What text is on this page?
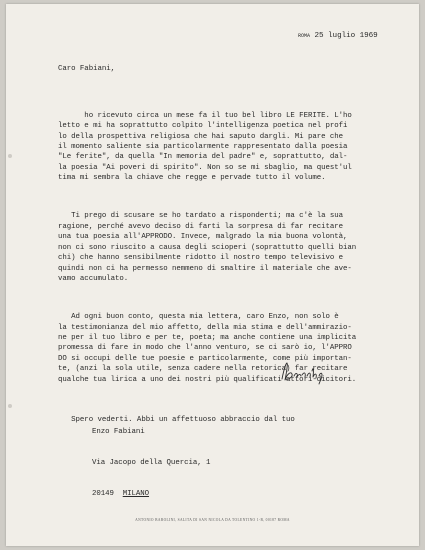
ROMA 25 luglio 1969
Caro Fabiani,

ho ricevuto circa un mese fa il tuo bel libro LE FERITE. L'ho
letto e mi ha soprattutto colpito l'intelligenza poetica nel profi
lo della prospettiva religiosa che hai saputo dargli. Mi pare che
il momento saliente sia particolarmente rappresentato dalla poesia
"Le ferite", da quella "In memoria del padre" e, soprattutto, dal-
la poesia "Ai poveri di spirito". Non so se mi sbaglio, ma quest'ul
tima mi sembra la chiave che regge e pervade tutto il volume.

Ti prego di scusare se ho tardato a risponderti; ma c'è la sua
ragione, perché avevo deciso di farti la sorpresa di far recitare
una tua poesia all'APPRODO. Invece, malgrado la mia buona volontà,
non ci sono riuscito a causa degli scioperi (soprattutto quelli bian
chi) che hanno sensibilmente ridotto il nostro tempo televisivo e
quindi non ci ha permesso nemmeno di smaltire il materiale che ave-
vamo accumulato.

Ad ogni buon conto, questa mia lettera, caro Enzo, non solo è
la testimonianza del mio affetto, della mia stima e dell'ammirazio-
ne per il tuo libro e per te, poeta; ma anche contiene una implicita
promessa di fare in modo che l'anno venturo, se ci sarò io, l'APPRO
DO si occupi delle tue poesie e particolarmente, come più importan-
te, (anzi la sola utile, senza cadere nella retorica) far recitare
qualche tua lirica a uno dei nostri più qualificati attori-dicitori.

Spero vederti. Abbi un affettuoso abbraccio dal tuo

Enzo Fabiani

Via Jacopo della Quercia, 1

20149 MILANO

ANTONIO BAROLINI, SALITA DI SAN NICOLA DA TOLENTINO 1-B, 00187 ROMA
